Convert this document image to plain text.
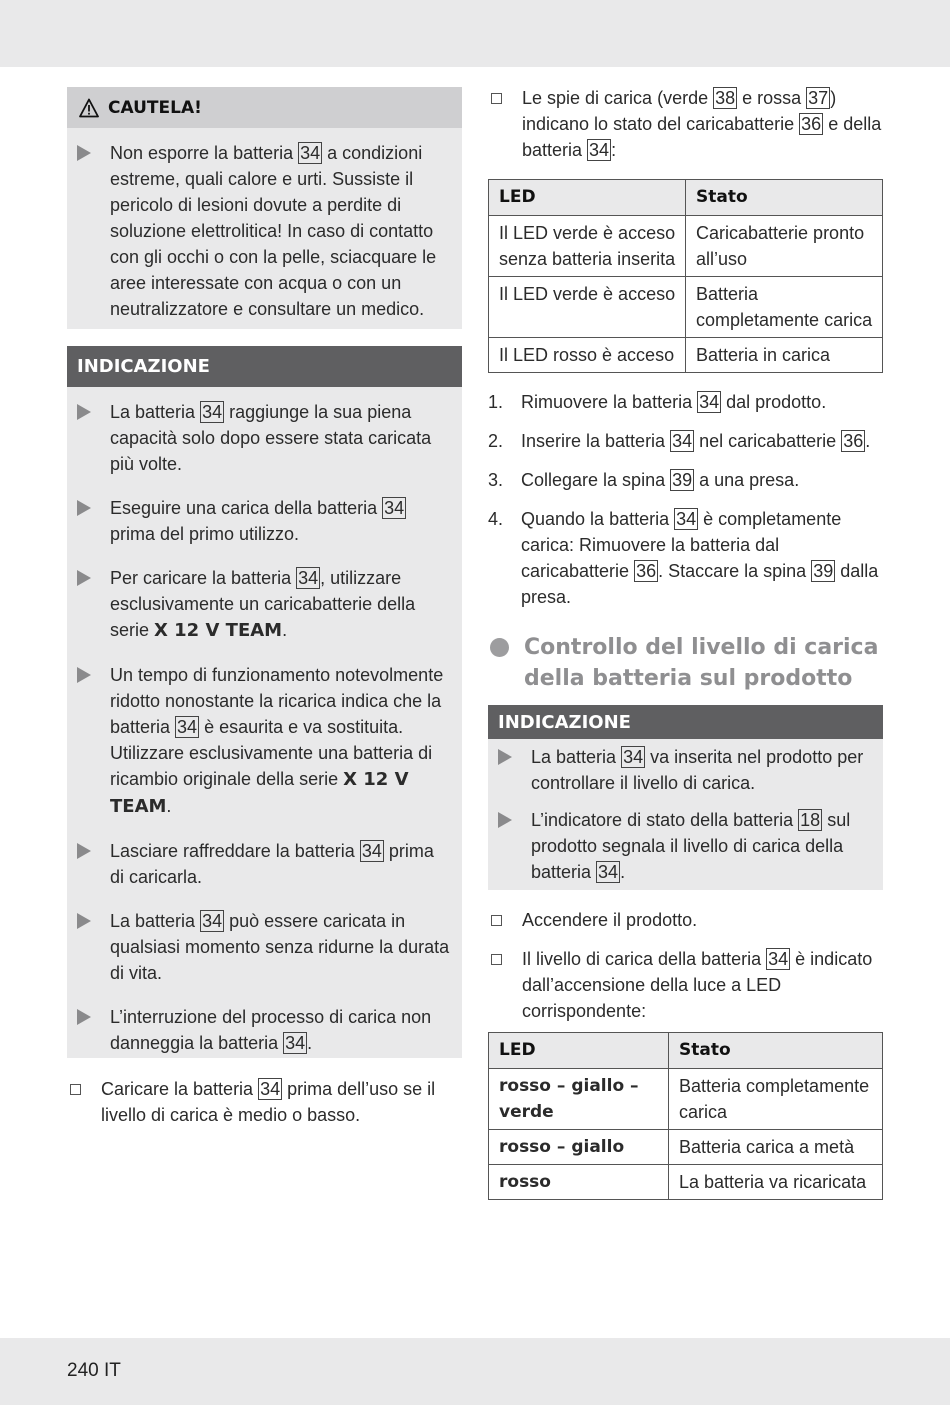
CAUTELA!
Non esporre la batteria 34 a condizioni estreme, quali calore e urti. Sussiste il pericolo di lesioni dovute a perdite di soluzione elettrolitica! In caso di contatto con gli occhi o con la pelle, sciacquare le aree interessate con acqua o con un neutralizzatore e consultare un medico.
INDICAZIONE
La batteria 34 raggiunge la sua piena capacità solo dopo essere stata caricata più volte.
Eseguire una carica della batteria 34 prima del primo utilizzo.
Per caricare la batteria 34 , utilizzare esclusivamente un caricabatterie della serie X 12 V TEAM.
Un tempo di funzionamento notevolmente ridotto nonostante la ricarica indica che la batteria 34 è esaurita e va sostituita. Utilizzare esclusivamente una batteria di ricambio originale della serie X 12 V TEAM.
Lasciare raffreddare la batteria 34 prima di caricarla.
La batteria 34 può essere caricata in qualsiasi momento senza ridurne la durata di vita.
L’interruzione del processo di carica non danneggia la batteria 34 .
Caricare la batteria 34 prima dell’uso se il livello di carica è medio o basso.
Le spie di carica (verde 38 e rossa 37 ) indicano lo stato del caricabatterie 36 e della batteria 34 :
LED	Stato
Il LED verde è acceso senza batteria inserita	Caricabatterie pronto all’uso
Il LED verde è acceso	Batteria completamente carica
Il LED rosso è acceso	Batteria in carica
1. Rimuovere la batteria 34 dal prodotto.
2. Inserire la batteria 34 nel caricabatterie 36 .
3. Collegare la spina 39 a una presa.
4. Quando la batteria 34 è completamente carica: Rimuovere la batteria dal caricabatterie 36 . Staccare la spina 39 dalla presa.
Controllo del livello di carica della batteria sul prodotto
INDICAZIONE
La batteria 34 va inserita nel prodotto per controllare il livello di carica.
L’indicatore di stato della batteria 18 sul prodotto segnala il livello di carica della batteria 34 .
Accendere il prodotto.
Il livello di carica della batteria 34 è indicato dall’accensione della luce a LED corrispondente:
LED	Stato
rosso – giallo – verde	Batteria completamente carica
rosso – giallo	Batteria carica a metà
rosso	La batteria va ricaricata
240 IT
